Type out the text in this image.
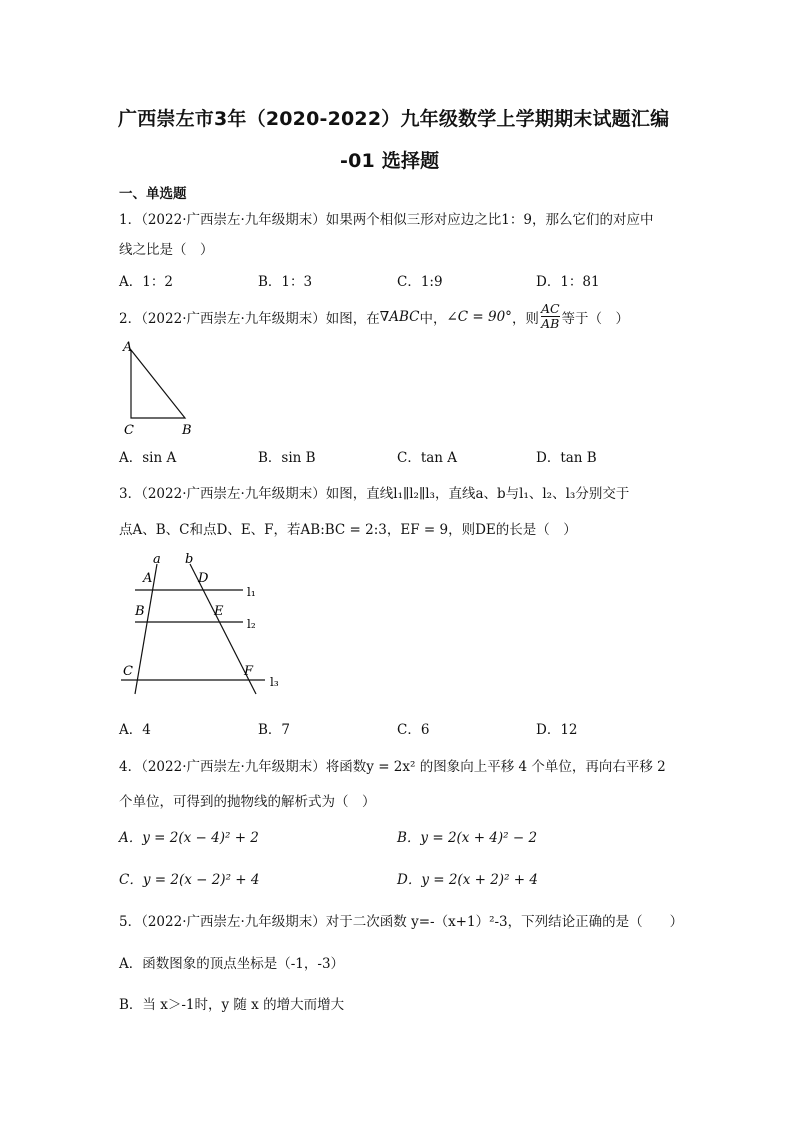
广西崇左市3年（2020-2022）九年级数学上学期期末试题汇编
-01 选择题
一、单选题
1．（2022·广西崇左·九年级期末）如果两个相似三形对应边之比1：9，那么它们的对应中
线之比是（　）
A．1：2	B．1：3	C．1:9	D．1：81
2．（2022·广西崇左·九年级期末）如图，在 ∇ABC 中， ∠C = 90° ，则 $\frac{AC}{AB}$ 等于（　）
A
C	B
A．sin A	B．sin B	C．tan A	D．tan B
3．（2022·广西崇左·九年级期末）如图，直线l₁∥l₂∥l₃，直线a、b与l₁、l₂、l₃分别交于
点A、B、C和点D、E、F，若AB:BC = 2:3，EF = 9，则DE的长是（　）
a b
A	D
B	E
C	F
l₁
l₂
l₃
A．4	B．7	C．6	D．12
4．（2022·广西崇左·九年级期末）将函数y = 2x² 的图象向上平移 4 个单位，再向右平移 2
个单位，可得到的抛物线的解析式为（　）
A．y = 2(x − 4)² + 2	B．y = 2(x + 4)² − 2
C．y = 2(x − 2)² + 4	D．y = 2(x + 2)² + 4
5．（2022·广西崇左·九年级期末）对于二次函数 y=-（x+1）²-3，下列结论正确的是（　　）
A．函数图象的顶点坐标是（-1，-3）
B．当 x＞-1时，y 随 x 的增大而增大
